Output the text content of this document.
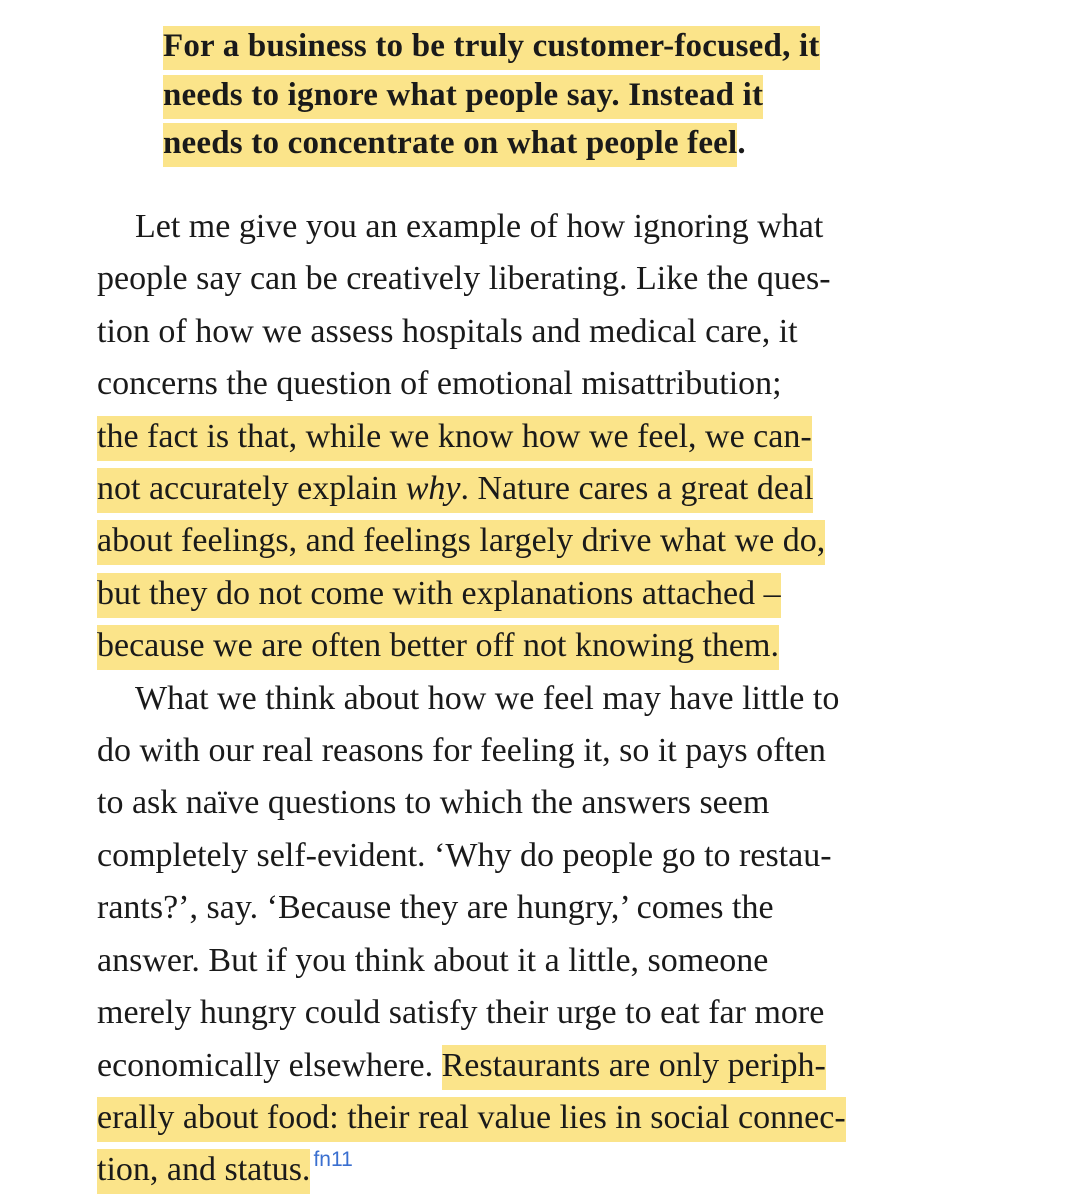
For a business to be truly customer-focused, it
needs to ignore what people say. Instead it
needs to concentrate on what people feel.
Let me give you an example of how ignoring what
people say can be creatively liberating. Like the ques-
tion of how we assess hospitals and medical care, it
concerns the question of emotional misattribution;
the fact is that, while we know how we feel, we can-
not accurately explain why. Nature cares a great deal
about feelings, and feelings largely drive what we do,
but they do not come with explanations attached –
because we are often better off not knowing them.
What we think about how we feel may have little to
do with our real reasons for feeling it, so it pays often
to ask naïve questions to which the answers seem
completely self-evident. ‘Why do people go to restau-
rants?’, say. ‘Because they are hungry,’ comes the
answer. But if you think about it a little, someone
merely hungry could satisfy their urge to eat far more
economically elsewhere. Restaurants are only periph-
erally about food: their real value lies in social connec-
tion, and status. $^{fn11}$
